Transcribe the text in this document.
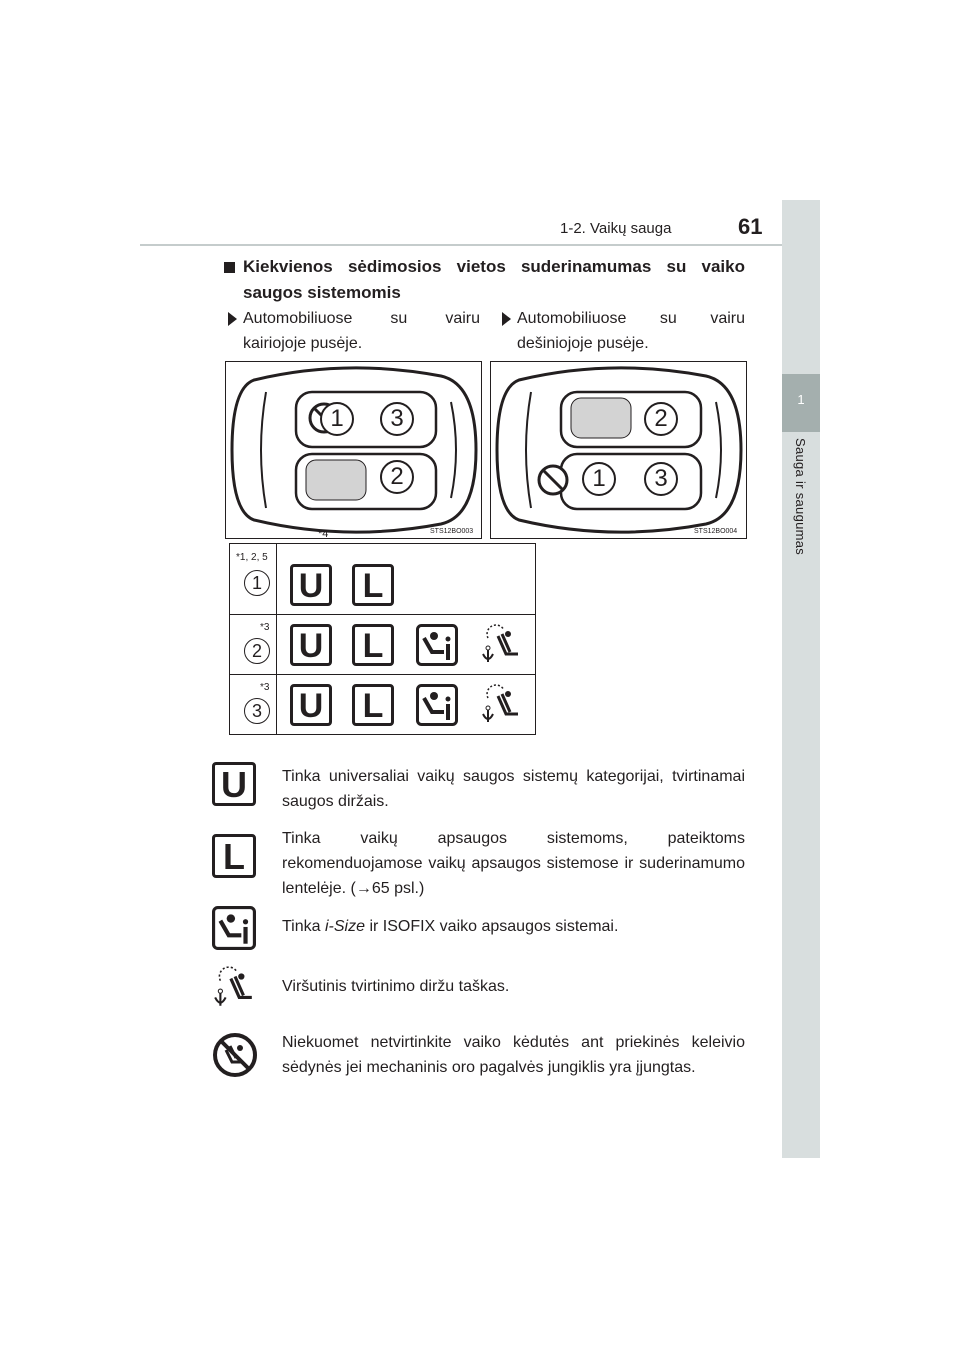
1-2. Vaikų sauga	61
1
Sauga ir saugumas
Kiekvienos sėdimosios vietos suderinamumas su vaiko saugos sistemomis
Automobiliuose su vairu kairiojoje pusėje.
Automobiliuose su vairu dešiniojoje pusėje.
1	3
2
STS12BO003
*4
2
1	3
STS12BO004
*1, 2, 5
1 U	L
*3
2 U	L
*3
3 U	L
U	Tinka universaliai vaikų saugos sistemų kategorijai, tvirtinamai saugos diržais.
L	Tinka vaikų apsaugos sistemoms, pateiktoms rekomenduojamose vaikų apsaugos sistemose ir suderinamumo lentelėje. (→65 psl.)
Tinka i-Size ir ISOFIX vaiko apsaugos sistemai.
Viršutinis tvirtinimo diržu taškas.
Niekuomet netvirtinkite vaiko kėdutės ant priekinės keleivio sėdynės jei mechaninis oro pagalvės jungiklis yra įjungtas.
